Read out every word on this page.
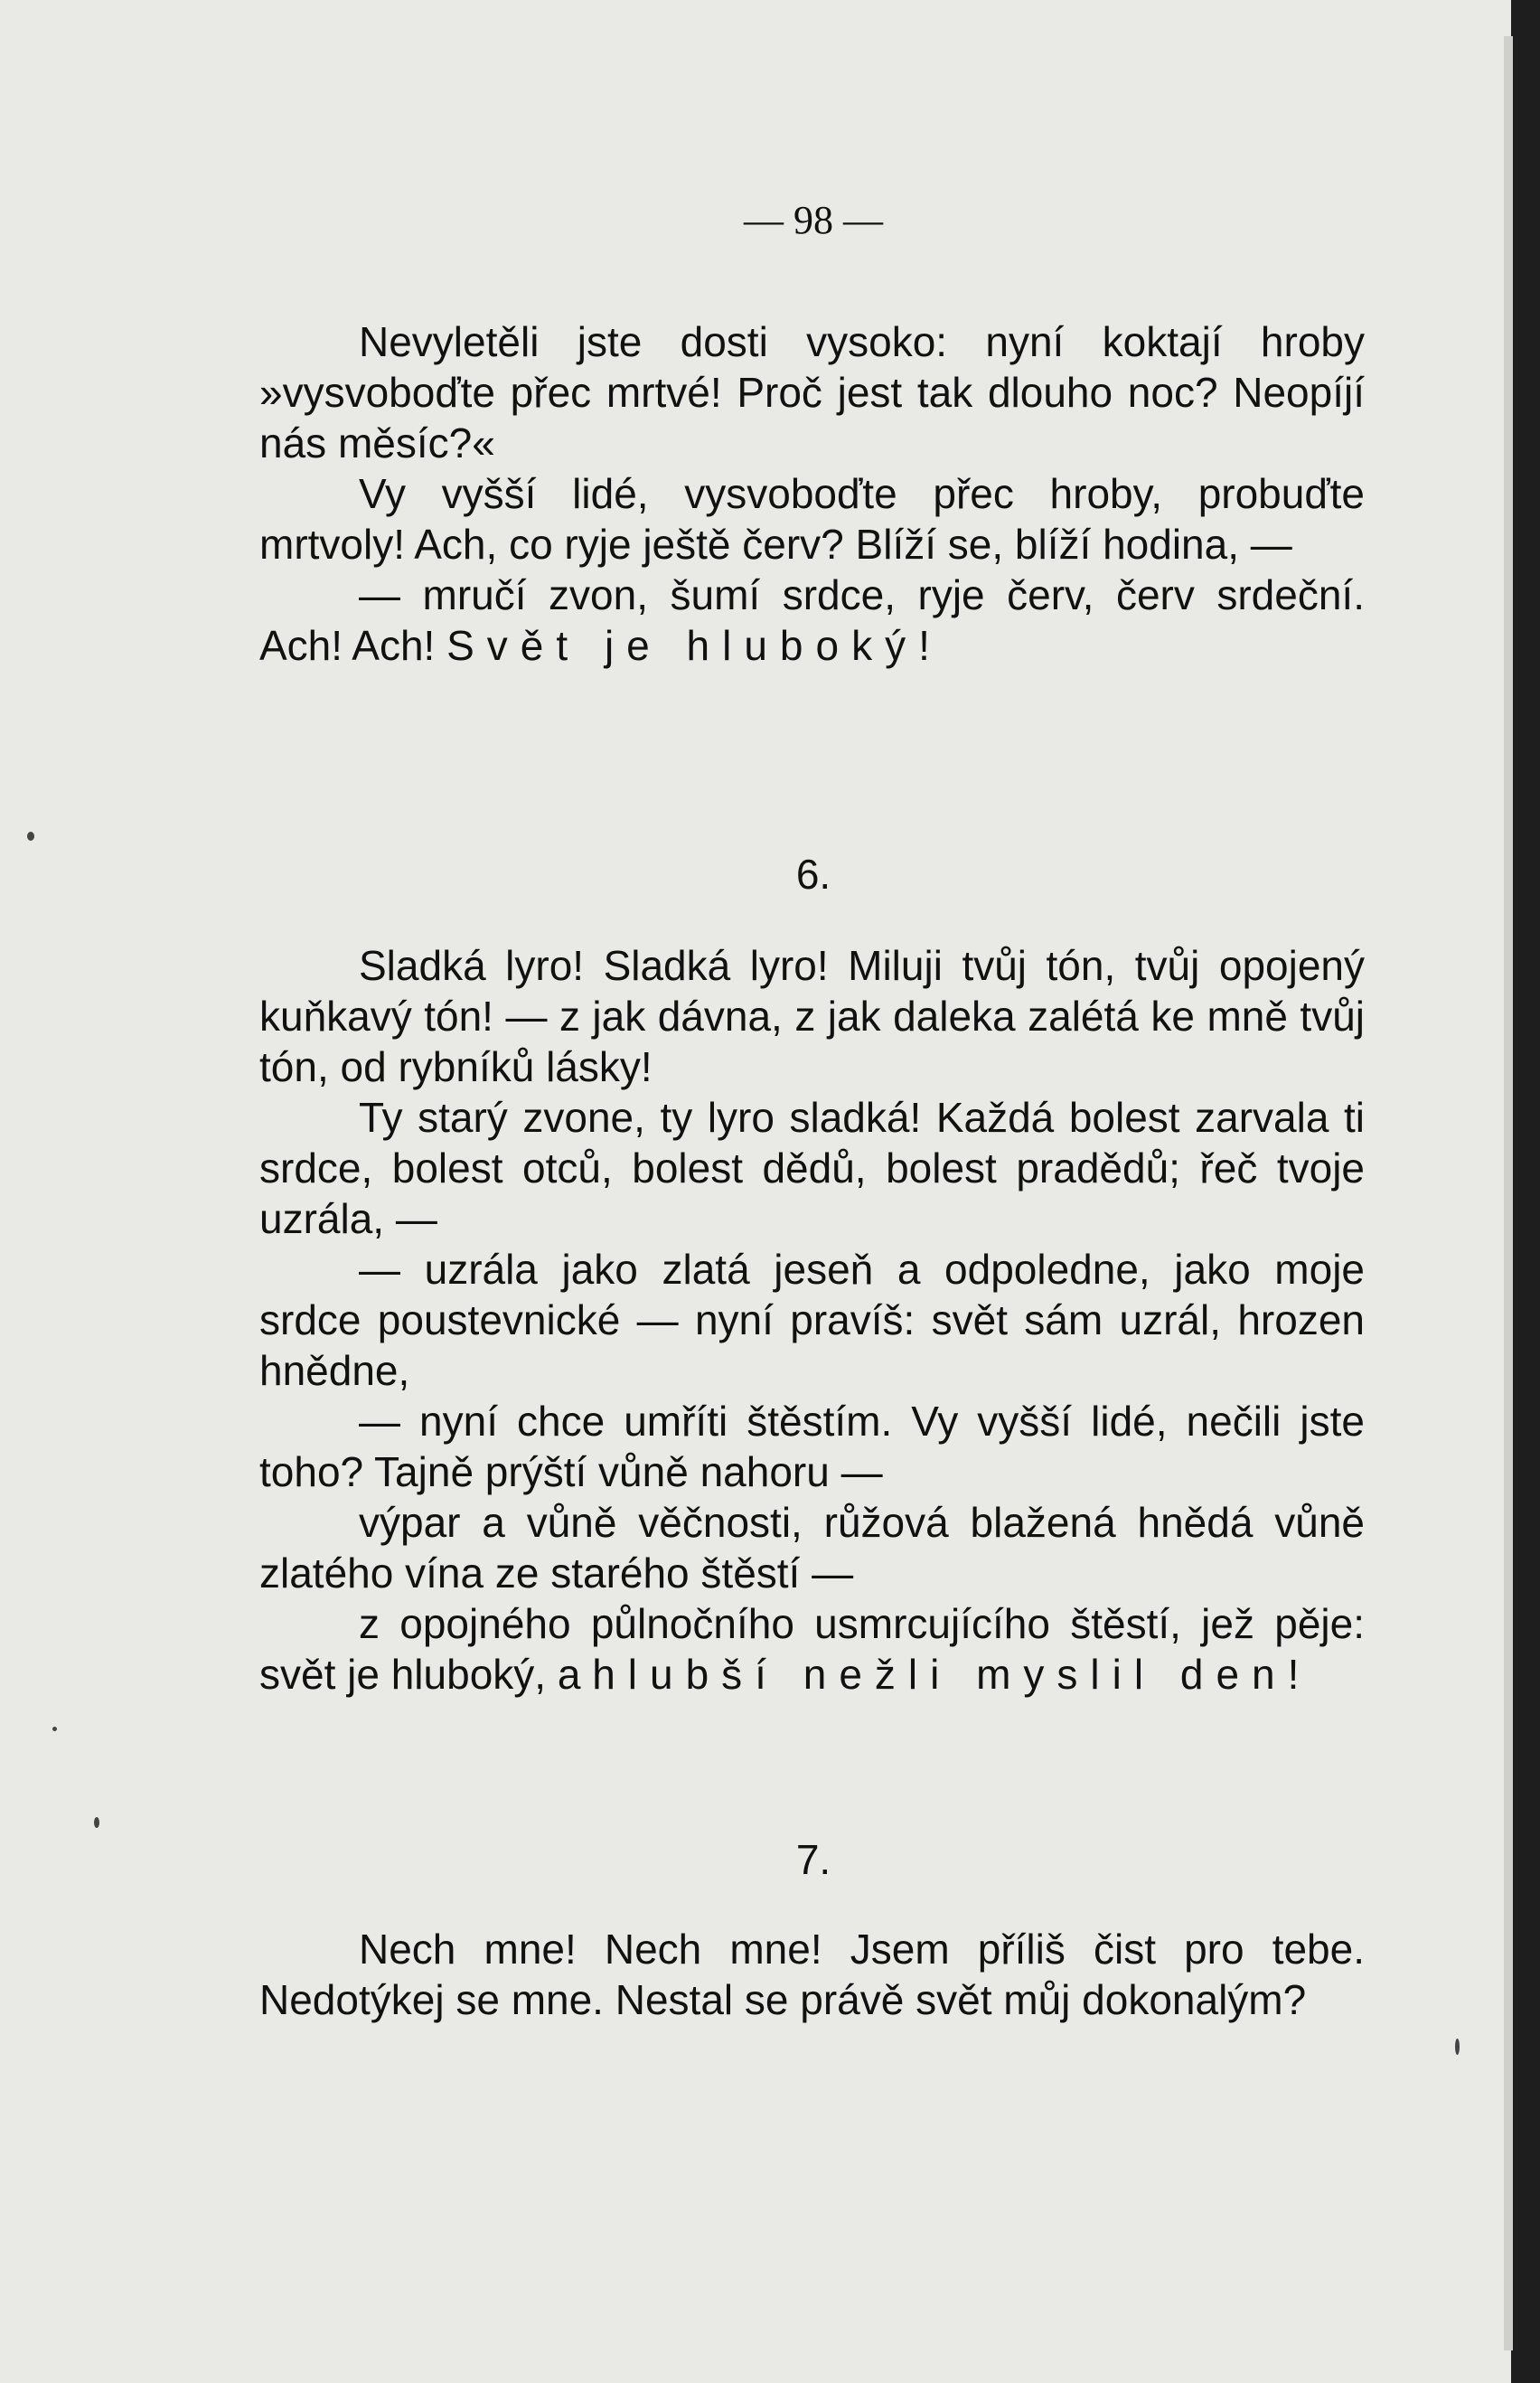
— 98 —

Nevyletěli jste dosti vysoko: nyní koktají hroby »vysvoboďte přec mrtvé! Proč jest tak dlouho noc? Neopíjí nás měsíc?«

Vy vyšší lidé, vysvoboďte přec hroby, probuďte mrtvoly! Ach, co ryje ještě červ? Blíží se, blíží hodina, —

— mručí zvon, šumí srdce, ryje červ, červ srdeční. Ach! Ach! Svět je hluboký!

6.

Sladká lyro! Sladká lyro! Miluji tvůj tón, tvůj opojený kuňkavý tón! — z jak dávna, z jak daleka zalétá ke mně tvůj tón, od rybníků lásky!

Ty starý zvone, ty lyro sladká! Každá bolest zarvala ti srdce, bolest otců, bolest dědů, bolest pradědů; řeč tvoje uzrála, —

— uzrála jako zlatá jeseň a odpoledne, jako moje srdce poustevnické — nyní pravíš: svět sám uzrál, hrozen hnědne,

— nyní chce umříti štěstím. Vy vyšší lidé, nečili jste toho? Tajně prýští vůně nahoru —

výpar a vůně věčnosti, růžová blažená hnědá vůně zlatého vína ze starého štěstí —

z opojného půlnočního usmrcujícího štěstí, jež pěje: svět je hluboký, a hlubší nežli myslil den!

7.

Nech mne! Nech mne! Jsem příliš čist pro tebe. Nedotýkej se mne. Nestal se právě svět můj dokonalým?
